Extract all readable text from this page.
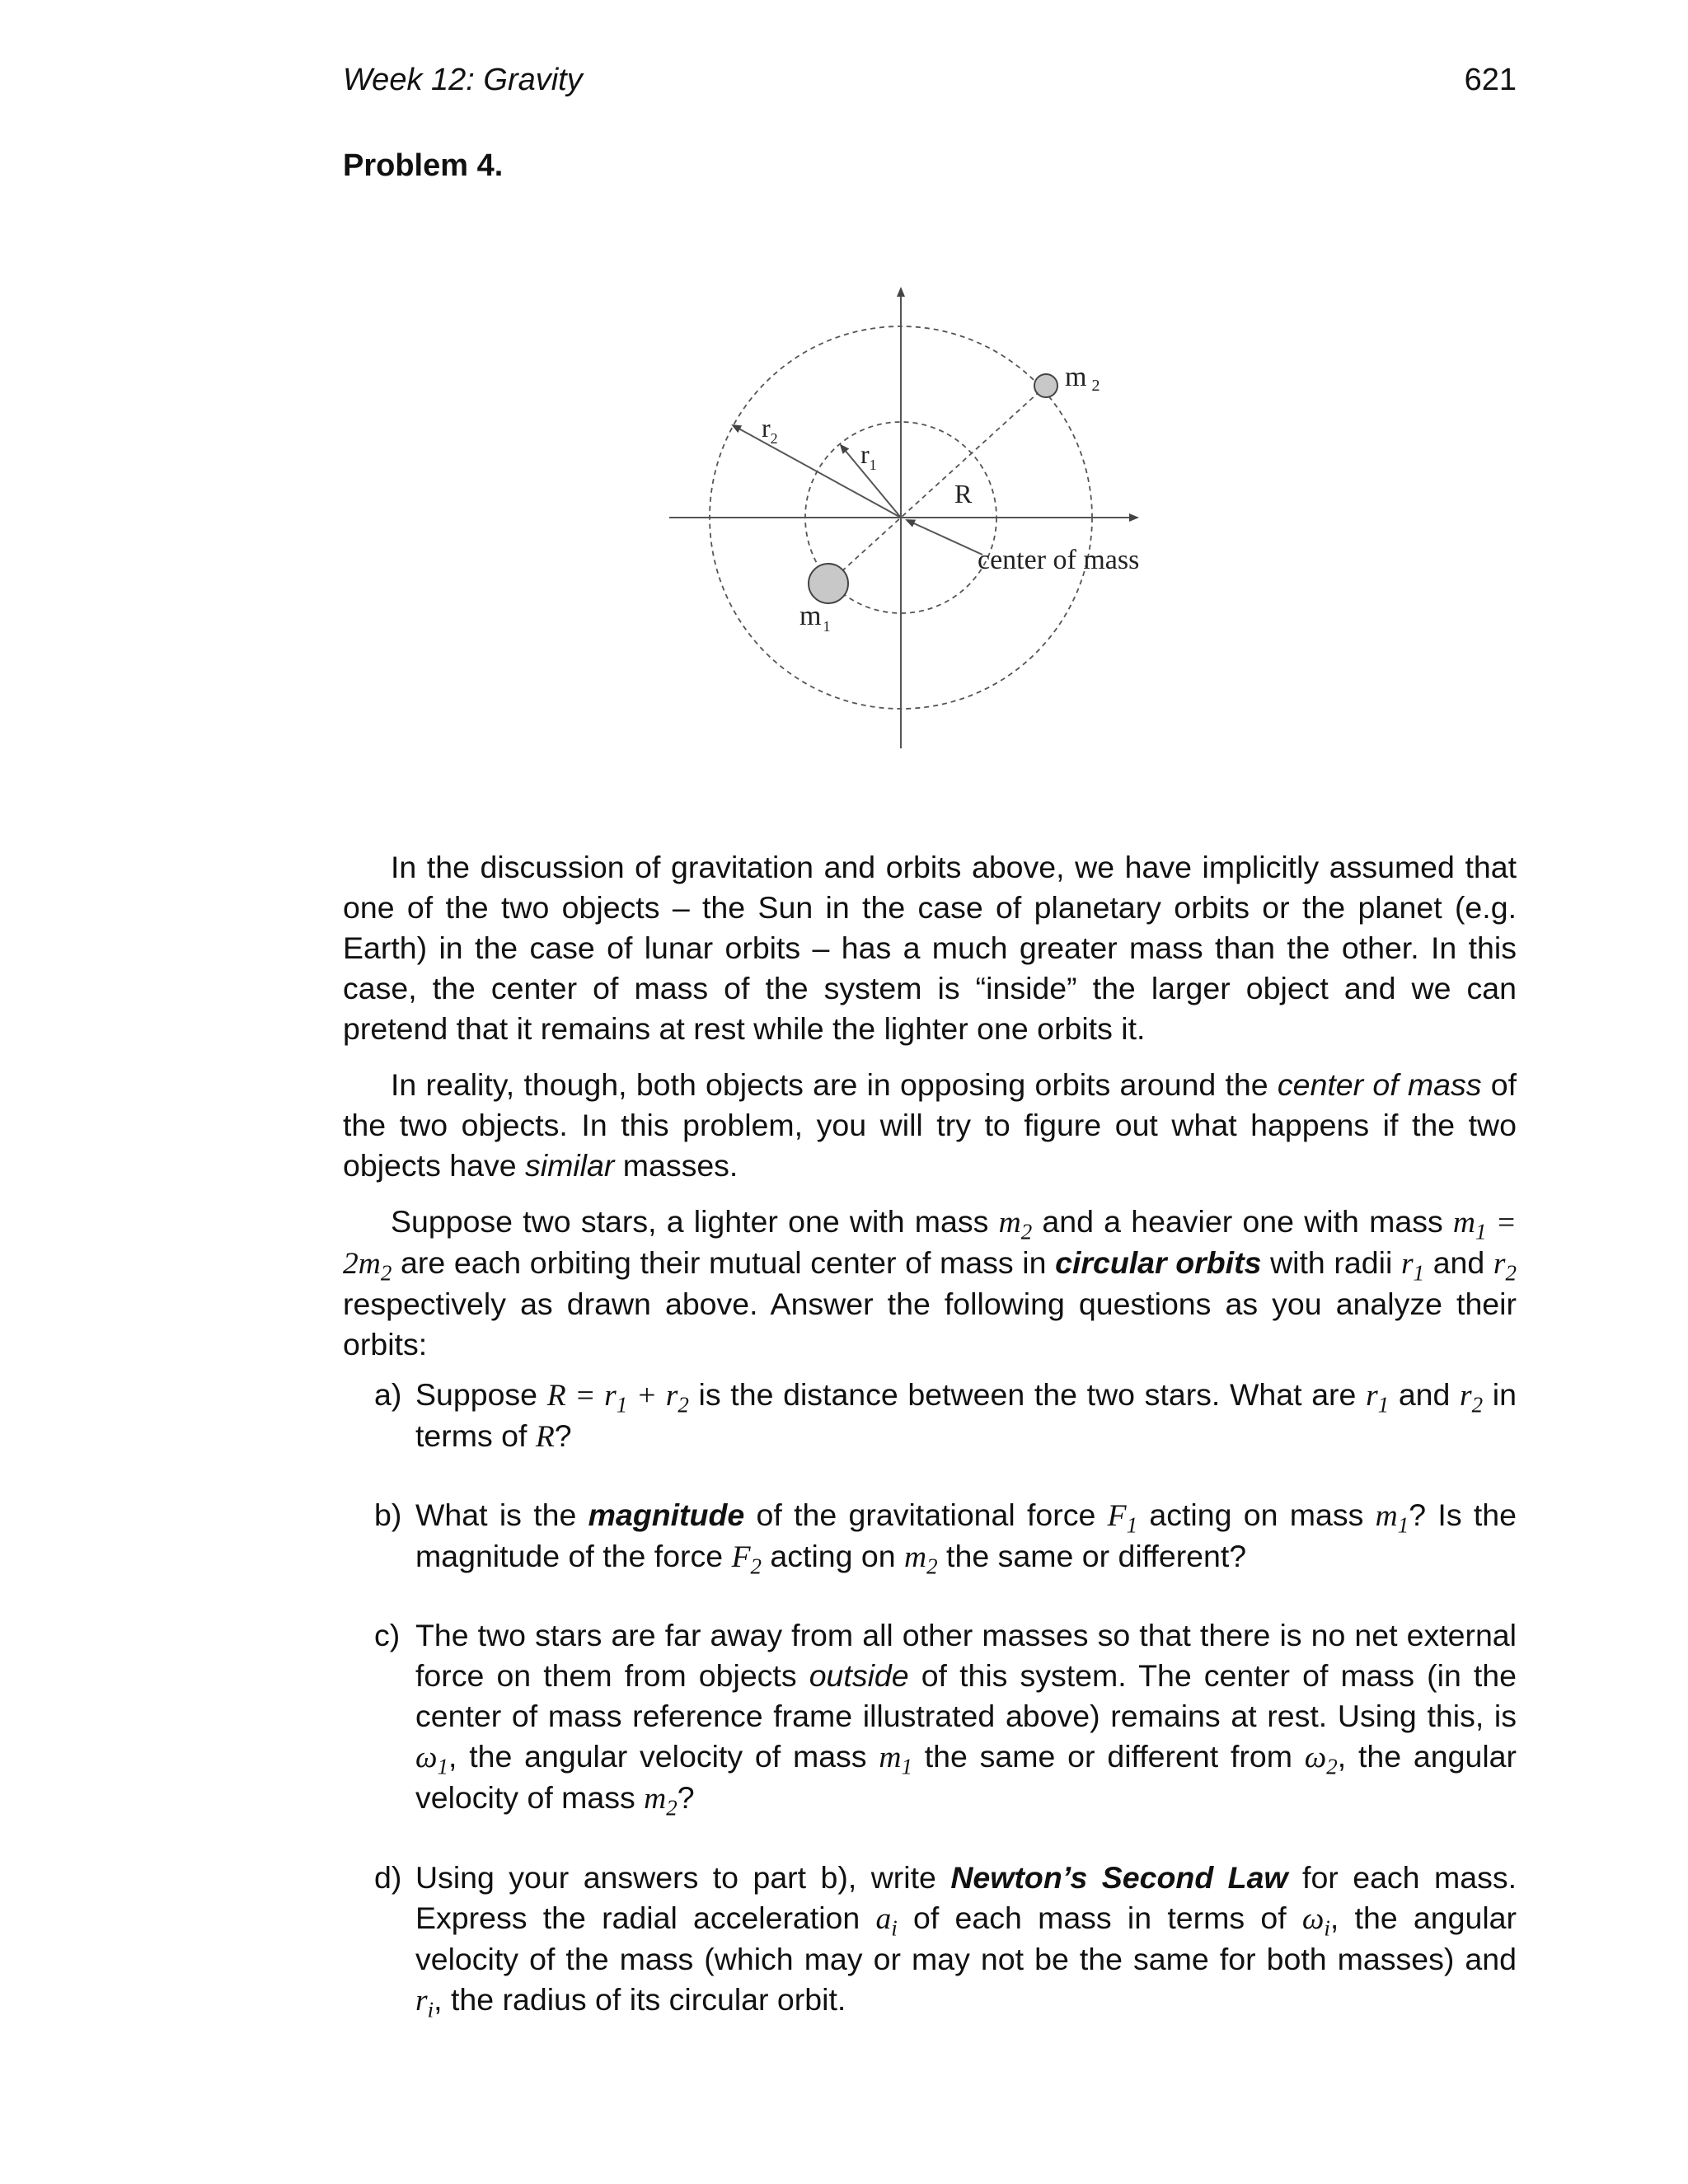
Week 12: Gravity	621
Problem 4.
m 2
$r_2$
$r_1$
R
center of mass
m $_1$

In the discussion of gravitation and orbits above, we have implicitly assumed that one of the two objects – the Sun in the case of planetary orbits or the planet (e.g. Earth) in the case of lunar orbits – has a much greater mass than the other. In this case, the center of mass of the system is “inside” the larger object and we can pretend that it remains at rest while the lighter one orbits it.

In reality, though, both objects are in opposing orbits around the center of mass of the two objects. In this problem, you will try to figure out what happens if the two objects have similar masses.

Suppose two stars, a lighter one with mass $m_2$ and a heavier one with mass $m_1 = 2m_2$ are each orbiting their mutual center of mass in circular orbits with radii $r_1$ and $r_2$ respectively as drawn above. Answer the following questions as you analyze their orbits:

a) Suppose $R = r_1 + r_2$ is the distance between the two stars. What are $r_1$ and $r_2$ in terms of R?
b) What is the magnitude of the gravitational force $F_1$ acting on mass $m_1$? Is the magnitude of the force $F_2$ acting on $m_2$ the same or different?
c) The two stars are far away from all other masses so that there is no net external force on them from objects outside of this system. The center of mass (in the center of mass reference frame illustrated above) remains at rest. Using this, is $\omega_1$, the angular velocity of mass $m_1$ the same or different from $\omega_2$, the angular velocity of mass $m_2$?
d) Using your answers to part b), write Newton’s Second Law for each mass. Express the radial acceleration $a_i$ of each mass in terms of $\omega_i$, the angular velocity of the mass (which may or may not be the same for both masses) and $r_i$, the radius of its circular orbit.
